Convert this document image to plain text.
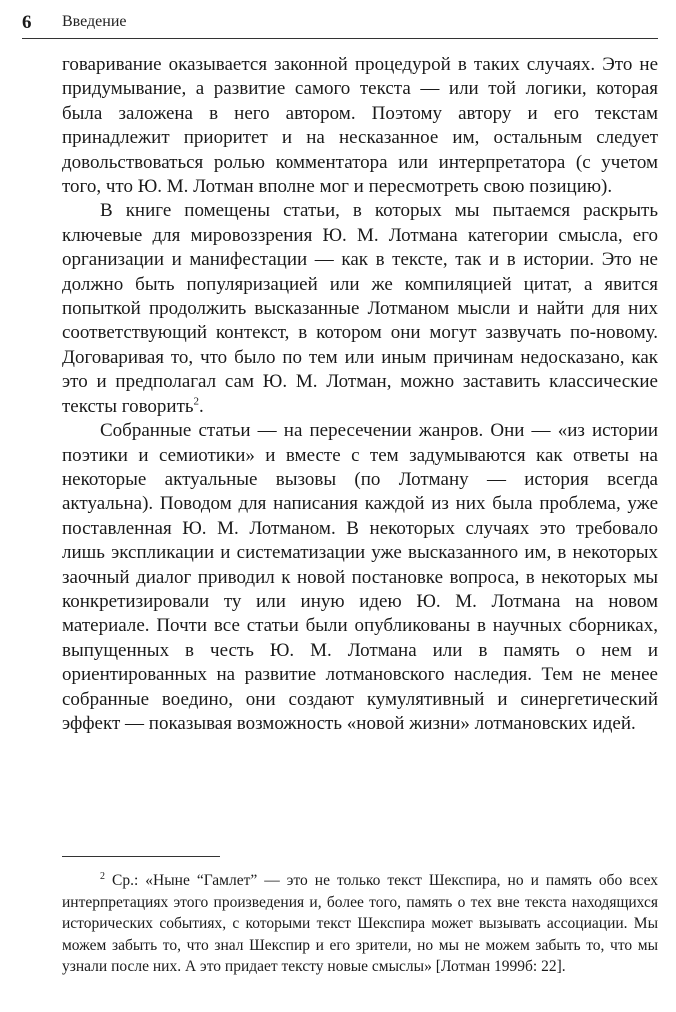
6 Введение

говаривание оказывается законной процедурой в таких случаях. Это не придумывание, а развитие самого текста — или той логики, которая была заложена в него автором. Поэтому автору и его текстам принадлежит приоритет и на несказанное им, остальным следует довольствоваться ролью комментатора или интерпретатора (с учетом того, что Ю. М. Лотман вполне мог и пересмотреть свою позицию).

В книге помещены статьи, в которых мы пытаемся раскрыть ключевые для мировоззрения Ю. М. Лотмана категории смысла, его организации и манифестации — как в тексте, так и в истории. Это не должно быть популяризацией или же компиляцией цитат, а явится попыткой продолжить высказанные Лотманом мысли и найти для них соответствующий контекст, в котором они могут зазвучать по-новому. Договаривая то, что было по тем или иным причинам недосказано, как это и предполагал сам Ю. М. Лотман, можно заставить классические тексты говорить$^2$.

Собранные статьи — на пересечении жанров. Они — «из истории поэтики и семиотики» и вместе с тем задумываются как ответы на некоторые актуальные вызовы (по Лотману — история всегда актуальна). Поводом для написания каждой из них была проблема, уже поставленная Ю. М. Лотманом. В некоторых случаях это требовало лишь экспликации и систематизации уже высказанного им, в некоторых заочный диалог приводил к новой постановке вопроса, в некоторых мы конкретизировали ту или иную идею Ю. М. Лотмана на новом материале. Почти все статьи были опубликованы в научных сборниках, выпущенных в честь Ю. М. Лотмана или в память о нем и ориентированных на развитие лотмановского наследия. Тем не менее собранные воедино, они создают кумулятивный и синергетический эффект — показывая возможность «новой жизни» лотмановских идей.

$^2$ Ср.: «Ныне “Гамлет” — это не только текст Шекспира, но и память обо всех интерпретациях этого произведения и, более того, память о тех вне текста находящихся исторических событиях, с которыми текст Шекспира может вызывать ассоциации. Мы можем забыть то, что знал Шекспир и его зрители, но мы не можем забыть то, что мы узнали после них. А это придает тексту новые смыслы» [Лотман 1999б: 22].
